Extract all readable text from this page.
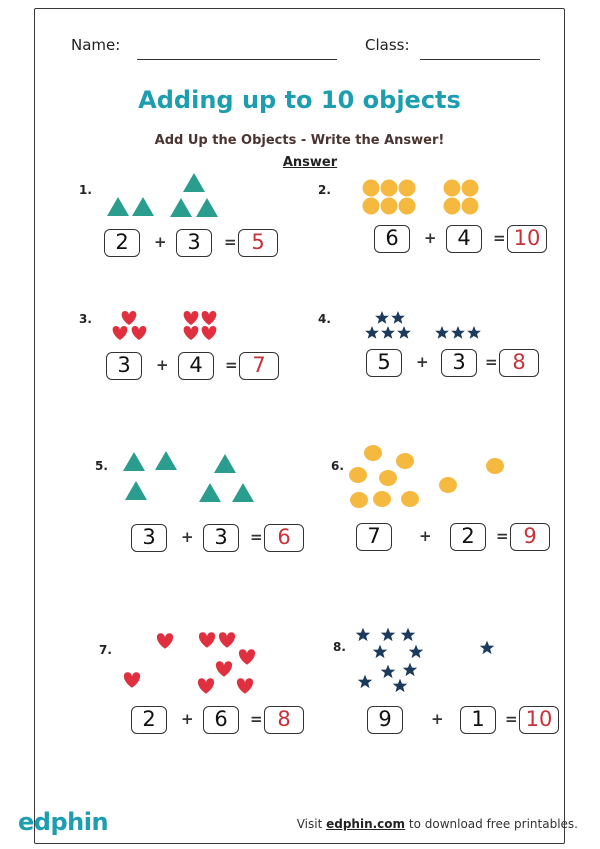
Name:	Class:
Adding up to 10 objects
Add Up the Objects - Write the Answer!
Answer
1.	2.
3.	4.
5.	6.
7.	8.
2	+ 3	= 5	6	+ 4	= 10
3	+ 4	= 7	5	+	3	= 8
3	+ 3	= 6	7	+	2	= 9
2	+ 6	= 8	9	+	1	= 10
edphin	Visit edphin.com to download free printables.
